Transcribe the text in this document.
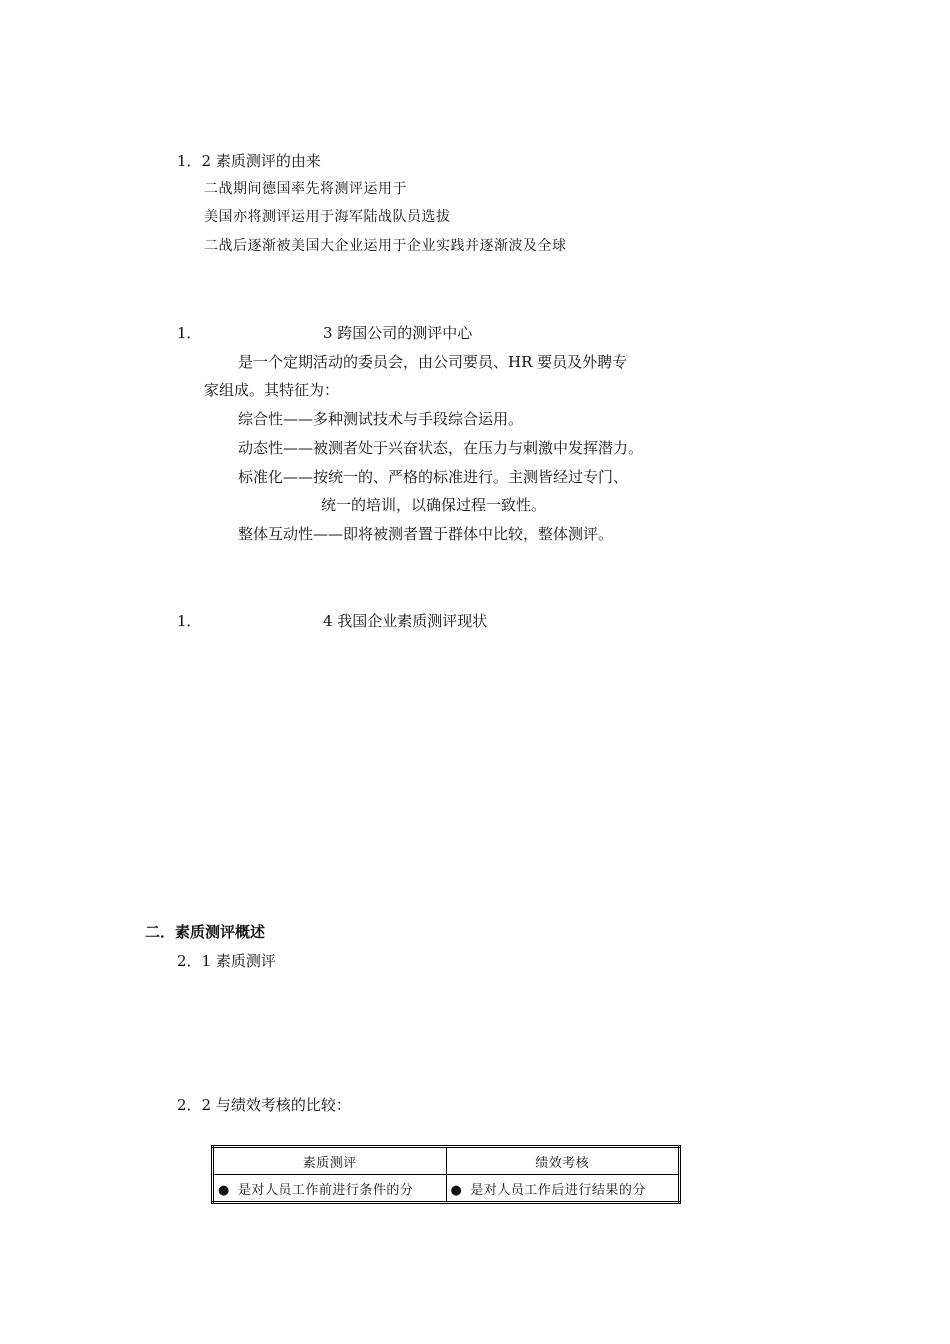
1．2 素质测评的由来
二战期间德国率先将测评运用于
美国亦将测评运用于海军陆战队员选拔
二战后逐渐被美国大企业运用于企业实践并逐渐波及全球
1．	3 跨国公司的测评中心
是一个定期活动的委员会，由公司要员、HR 要员及外聘专
家组成。其特征为：
综合性——多种测试技术与手段综合运用。
动态性——被测者处于兴奋状态，在压力与刺激中发挥潜力。
标准化——按统一的、严格的标准进行。主测皆经过专门、
统一的培训，以确保过程一致性。
整体互动性——即将被测者置于群体中比较，整体测评。
1．	4 我国企业素质测评现状
二．素质测评概述
2．1 素质测评
2．2 与绩效考核的比较：
素质测评	绩效考核
● 是对人员工作前进行条件的分	● 是对人员工作后进行结果的分
